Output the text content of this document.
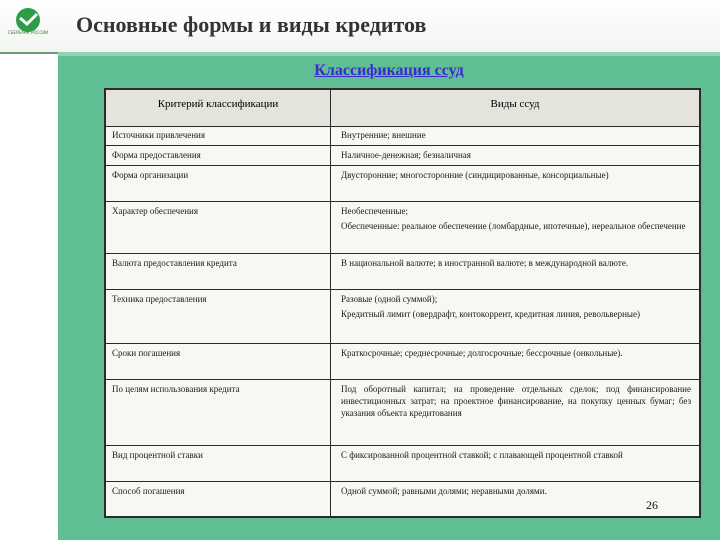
СБЕРБАНК РОССИИ	Основные формы и виды кредитов
Классификация ссуд
Критерий классификации	Виды ссуд
Источники привлечения	Внутренние; внешние

Форма предоставления	Наличное-денежная; безналичная

Форма организации	Двусторонние; многосторонние (синдицированные, консорциальные)

Характер обеспечения	Необеспеченные;

Обеспеченные: реальное обеспечение (ломбардные, ипотечные), нереальное обеспечение

Валюта предоставления кредита	В национальной валюте; в иностранной валюте; в международной валюте.

Техника предоставления	Разовые (одной суммой);

Кредитный лимит (овердрафт, контокоррент, кредитная линия, револьверные)

Сроки погашения	Краткосрочные; среднесрочные; долгосрочные; бессрочные (онкольные).

По целям использования кредита	Под оборотный капитал; на проведение отдельных сделок; под финансирование инвестиционных затрат; на проектное финансирование, на покупку ценных бумаг; без указания объекта кредитования

Вид процентной ставки	С фиксированной процентной ставкой; с плавающей процентной ставкой

Способ погашения	Одной суммой; равными долями; неравными долями.

26
